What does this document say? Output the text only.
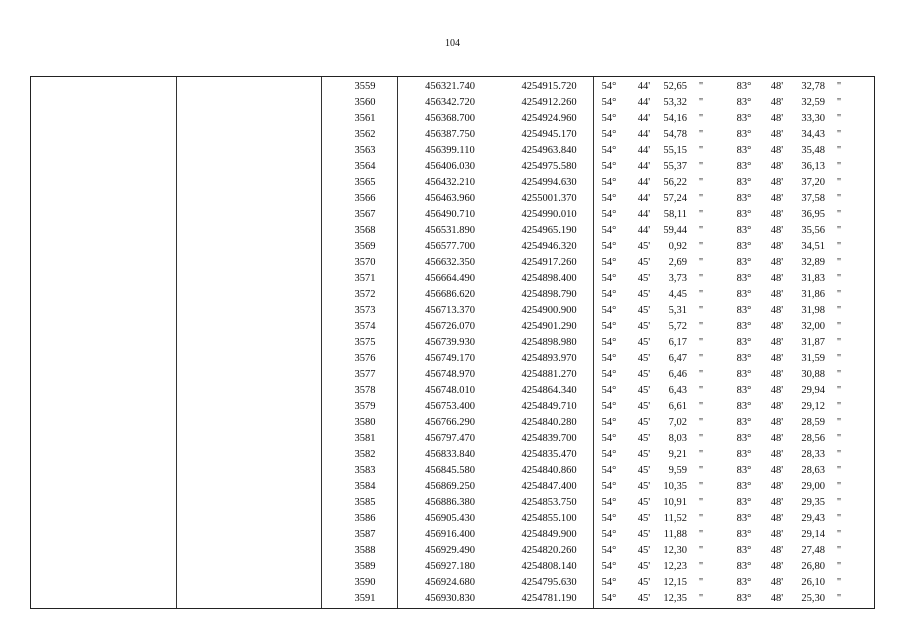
104
3559	456321.740	4254915.720	54°	44'	52,65 "	83°	48'	32,78 "
3560	456342.720	4254912.260	54°	44'	53,32 "	83°	48'	32,59 "
3561	456368.700	4254924.960	54°	44'	54,16 "	83°	48'	33,30 "
3562	456387.750	4254945.170	54°	44'	54,78 "	83°	48'	34,43 "
3563	456399.110	4254963.840	54°	44'	55,15 "	83°	48'	35,48 "
3564	456406.030	4254975.580	54°	44'	55,37 "	83°	48'	36,13 "
3565	456432.210	4254994.630	54°	44'	56,22 "	83°	48'	37,20 "
3566	456463.960	4255001.370	54°	44'	57,24 "	83°	48'	37,58 "
3567	456490.710	4254990.010	54°	44'	58,11 "	83°	48'	36,95 "
3568	456531.890	4254965.190	54°	44'	59,44 "	83°	48'	35,56 "
3569	456577.700	4254946.320	54°	45'	0,92 "	83°	48'	34,51 "
3570	456632.350	4254917.260	54°	45'	2,69 "	83°	48'	32,89 "
3571	456664.490	4254898.400	54°	45'	3,73 "	83°	48'	31,83 "
3572	456686.620	4254898.790	54°	45'	4,45 "	83°	48'	31,86 "
3573	456713.370	4254900.900	54°	45'	5,31 "	83°	48'	31,98 "
3574	456726.070	4254901.290	54°	45'	5,72 "	83°	48'	32,00 "
3575	456739.930	4254898.980	54°	45'	6,17 "	83°	48'	31,87 "
3576	456749.170	4254893.970	54°	45'	6,47 "	83°	48'	31,59 "
3577	456748.970	4254881.270	54°	45'	6,46 "	83°	48'	30,88 "
3578	456748.010	4254864.340	54°	45'	6,43 "	83°	48'	29,94 "
3579	456753.400	4254849.710	54°	45'	6,61 "	83°	48'	29,12 "
3580	456766.290	4254840.280	54°	45'	7,02 "	83°	48'	28,59 "
3581	456797.470	4254839.700	54°	45'	8,03 "	83°	48'	28,56 "
3582	456833.840	4254835.470	54°	45'	9,21 "	83°	48'	28,33 "
3583	456845.580	4254840.860	54°	45'	9,59 "	83°	48'	28,63 "
3584	456869.250	4254847.400	54°	45'	10,35 "	83°	48'	29,00 "
3585	456886.380	4254853.750	54°	45'	10,91 "	83°	48'	29,35 "
3586	456905.430	4254855.100	54°	45'	11,52 "	83°	48'	29,43 "
3587	456916.400	4254849.900	54°	45'	11,88 "	83°	48'	29,14 "
3588	456929.490	4254820.260	54°	45'	12,30 "	83°	48'	27,48 "
3589	456927.180	4254808.140	54°	45'	12,23 "	83°	48'	26,80 "
3590	456924.680	4254795.630	54°	45'	12,15 "	83°	48'	26,10 "
3591	456930.830	4254781.190	54°	45'	12,35 "	83°	48'	25,30 "
